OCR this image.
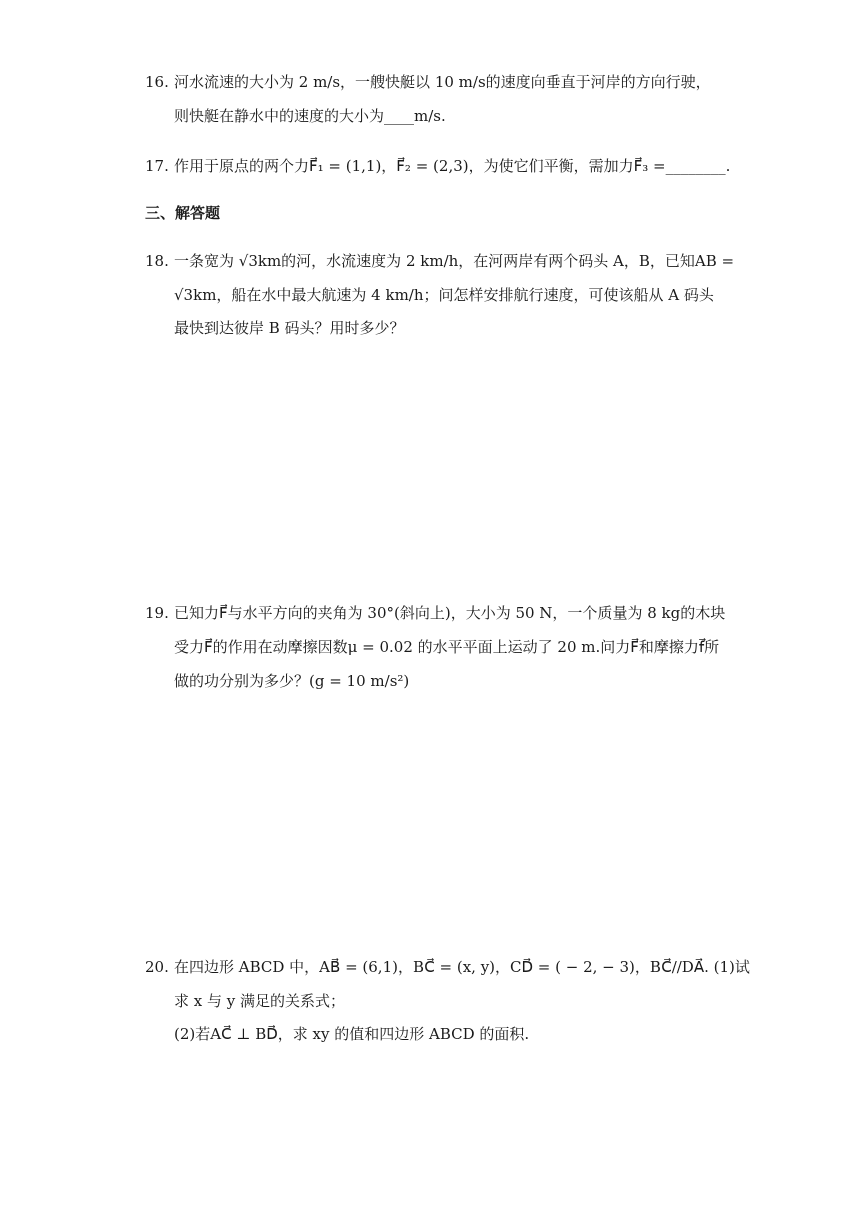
16. 河水流速的大小为 2 m/s，一艘快艇以 10 m/s的速度向垂直于河岸的方向行驶，
则快艇在静水中的速度的大小为____m/s.
17. 作用于原点的两个力F⃗₁ = (1,1)，F⃗₂ = (2,3)，为使它们平衡，需加力F⃗₃ =________.
三、解答题
18. 一条宽为 √3km的河，水流速度为 2 km/h，在河两岸有两个码头 A，B，已知AB =
√3km，船在水中最大航速为 4 km/h；问怎样安排航行速度，可使该船从 A 码头
最快到达彼岸 B 码头？用时多少？
19. 已知力F⃗与水平方向的夹角为 30°(斜向上)，大小为 50 N，一个质量为 8 kg的木块
受力F⃗的作用在动摩擦因数μ = 0.02 的水平平面上运动了 20 m.问力F⃗和摩擦力f⃗所
做的功分别为多少？(g = 10 m/s²)
20. 在四边形 ABCD 中，AB⃗ = (6,1)，BC⃗ = (x, y)，CD⃗ = ( − 2, − 3)，BC⃗//DA⃗. (1)试
求 x 与 y 满足的关系式；
(2)若AC⃗ ⊥ BD⃗，求 xy 的值和四边形 ABCD 的面积.
